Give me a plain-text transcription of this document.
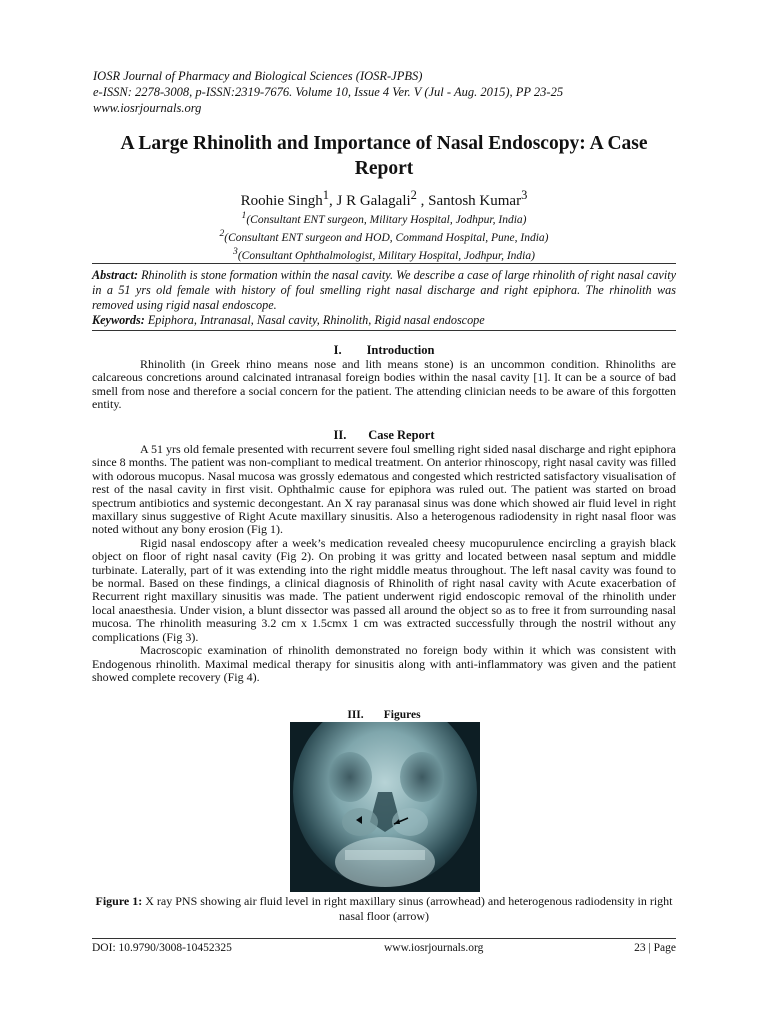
IOSR Journal of Pharmacy and Biological Sciences (IOSR-JPBS)
e-ISSN: 2278-3008, p-ISSN:2319-7676. Volume 10, Issue 4 Ver. V (Jul - Aug. 2015), PP 23-25
www.iosrjournals.org
A Large Rhinolith and Importance of Nasal Endoscopy: A Case Report
Roohie Singh$^1$, J R Galagali$^2$ , Santosh Kumar$^3$
$^1$(Consultant ENT surgeon, Military Hospital, Jodhpur, India)
$^2$(Consultant ENT surgeon and HOD, Command Hospital, Pune, India)
$^3$(Consultant Ophthalmologist, Military Hospital, Jodhpur, India)
Abstract: Rhinolith is stone formation within the nasal cavity. We describe a case of large rhinolith of right nasal cavity in a 51 yrs old female with history of foul smelling right nasal discharge and right epiphora. The rhinolith was removed using rigid nasal endoscope.
Keywords: Epiphora, Intranasal, Nasal cavity, Rhinolith, Rigid nasal endoscope
I.        Introduction

Rhinolith (in Greek rhino means nose and lith means stone) is an uncommon condition. Rhinoliths are calcareous concretions around calcinated intranasal foreign bodies within the nasal cavity [1]. It can be a source of bad smell from nose and therefore a social concern for the patient. The attending clinician needs to be aware of this forgotten entity.

II.       Case Report

A 51 yrs old female presented with recurrent severe foul smelling right sided nasal discharge and right epiphora since 8 months. The patient was non-compliant to medical treatment. On anterior rhinoscopy, right nasal cavity was filled with odorous mucopus. Nasal mucosa was grossly edematous and congested which restricted satisfactory visualisation of rest of the nasal cavity in first visit. Ophthalmic cause for epiphora was ruled out. The patient was started on broad spectrum antibiotics and systemic decongestant. An X ray paranasal sinus was done which showed air fluid level in right maxillary sinus suggestive of Right Acute maxillary sinusitis. Also a heterogenous radiodensity in right nasal floor was noted without any bony erosion (Fig 1).

Rigid nasal endoscopy after a week’s medication revealed cheesy mucopurulence encircling a grayish black object on floor of right nasal cavity (Fig 2). On probing it was gritty and located between nasal septum and middle turbinate. Laterally, part of it was extending into the right middle meatus throughout. The left nasal cavity was found to be normal. Based on these findings, a clinical diagnosis of Rhinolith of right nasal cavity with Acute exacerbation of Recurrent right maxillary sinusitis was made. The patient underwent rigid endoscopic removal of the rhinolith under local anaesthesia. Under vision, a blunt dissector was passed all around the object so as to free it from surrounding nasal mucosa. The rhinolith measuring 3.2 cm x 1.5cmx 1 cm was extracted successfully through the nostril without any complications (Fig 3).

Macroscopic examination of rhinolith demonstrated no foreign body within it which was consistent with Endogenous rhinolith. Maximal medical therapy for sinusitis along with anti-inflammatory was given and the patient showed complete recovery (Fig 4).

III.       Figures
Figure 1: X ray PNS showing air fluid level in right maxillary sinus (arrowhead) and heterogenous radiodensity in right nasal floor (arrow)
DOI: 10.9790/3008-10452325	www.iosrjournals.org	23 | Page
